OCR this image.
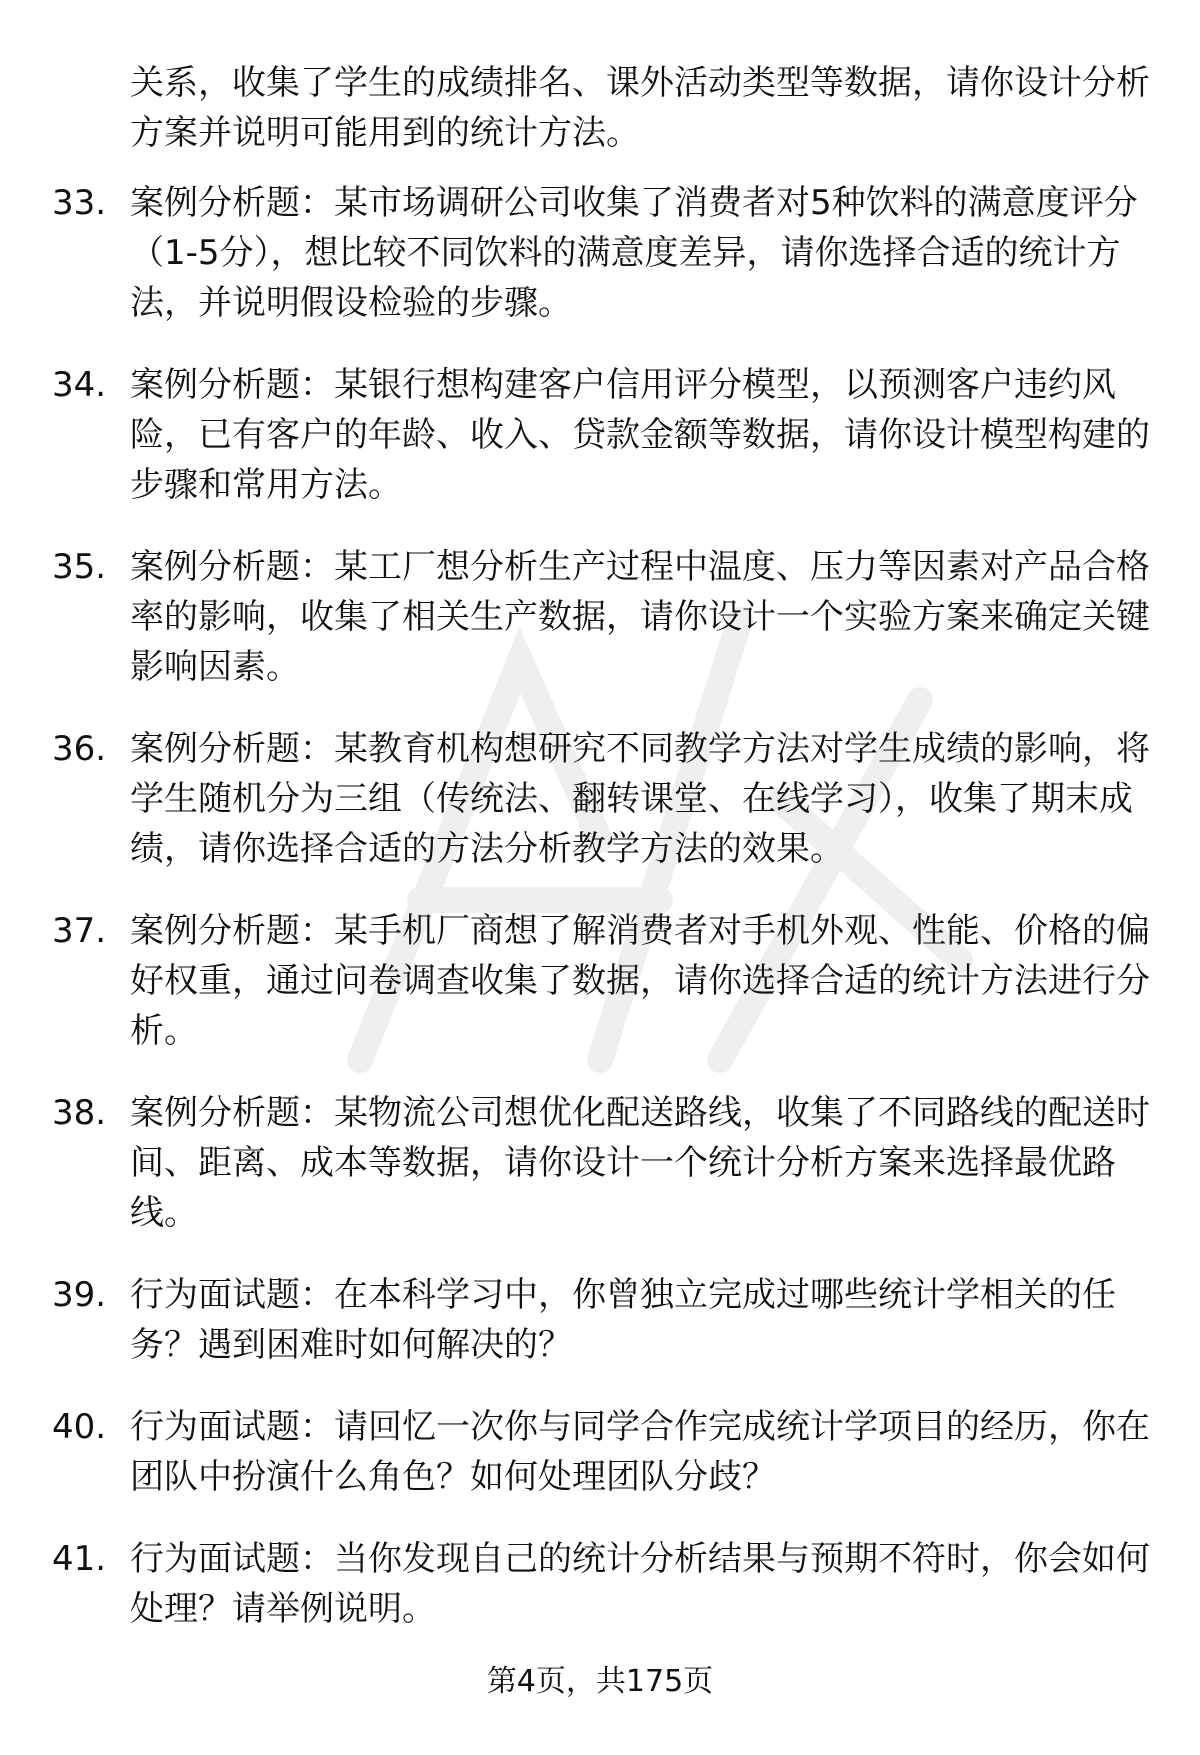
关系，收集了学生的成绩排名、课外活动类型等数据，请你设计分析方案并说明可能用到的统计方法。

33. 案例分析题：某市场调研公司收集了消费者对5种饮料的满意度评分（1-5分），想比较不同饮料的满意度差异，请你选择合适的统计方法，并说明假设检验的步骤。
34. 案例分析题：某银行想构建客户信用评分模型，以预测客户违约风险，已有客户的年龄、收入、贷款金额等数据，请你设计模型构建的步骤和常用方法。
35. 案例分析题：某工厂想分析生产过程中温度、压力等因素对产品合格率的影响，收集了相关生产数据，请你设计一个实验方案来确定关键影响因素。
36. 案例分析题：某教育机构想研究不同教学方法对学生成绩的影响，将学生随机分为三组（传统法、翻转课堂、在线学习），收集了期末成绩，请你选择合适的方法分析教学方法的效果。
37. 案例分析题：某手机厂商想了解消费者对手机外观、性能、价格的偏好权重，通过问卷调查收集了数据，请你选择合适的统计方法进行分析。
38. 案例分析题：某物流公司想优化配送路线，收集了不同路线的配送时间、距离、成本等数据，请你设计一个统计分析方案来选择最优路线。
39. 行为面试题：在本科学习中，你曾独立完成过哪些统计学相关的任务？遇到困难时如何解决的？
40. 行为面试题：请回忆一次你与同学合作完成统计学项目的经历，你在团队中扮演什么角色？如何处理团队分歧？
41. 行为面试题：当你发现自己的统计分析结果与预期不符时，你会如何处理？请举例说明。
第4页，共175页
